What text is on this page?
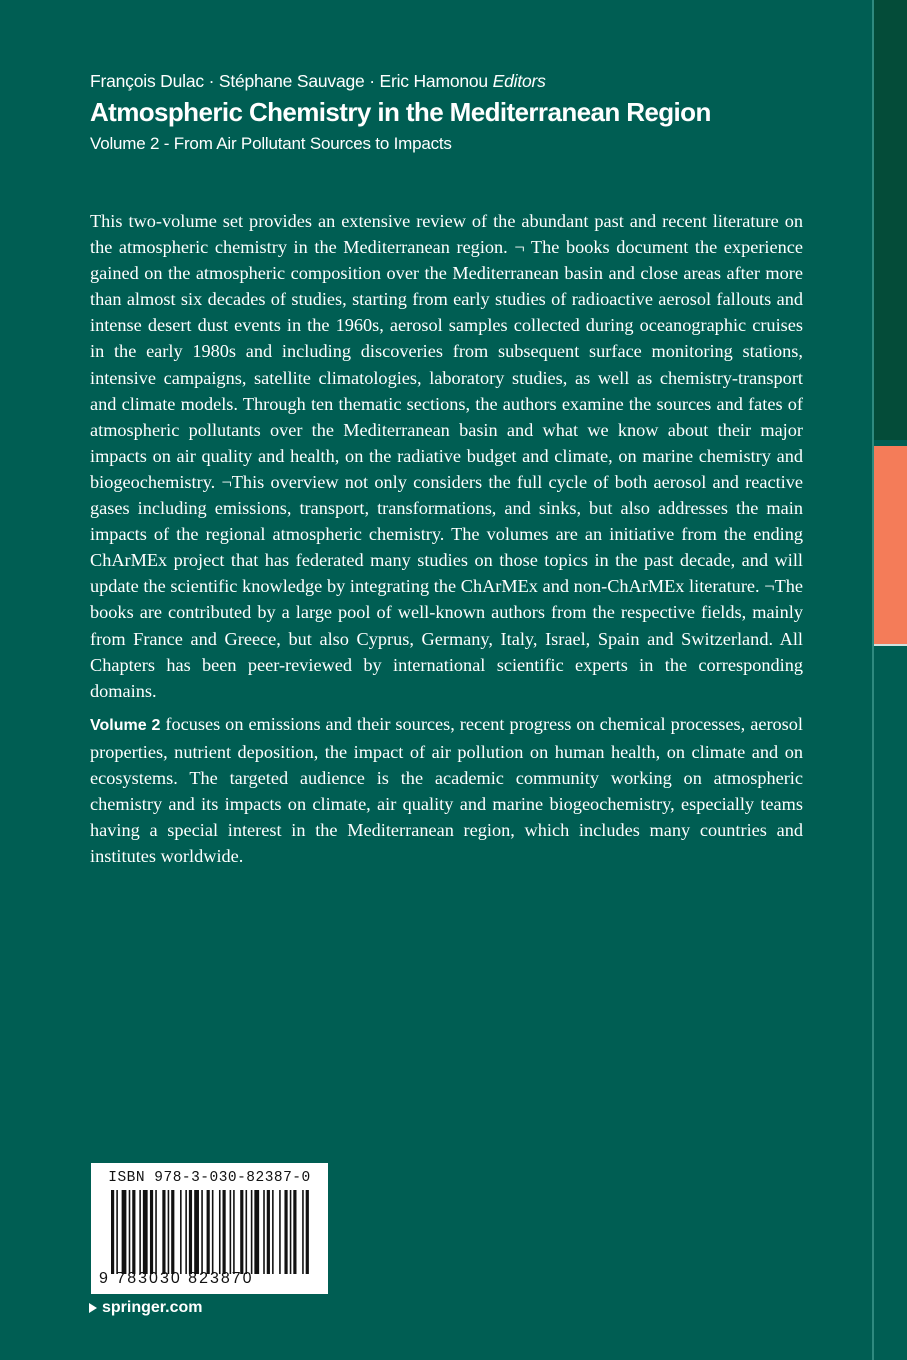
François Dulac · Stéphane Sauvage · Eric Hamonou Editors
Atmospheric Chemistry in the Mediterranean Region
Volume 2 - From Air Pollutant Sources to Impacts

This two-volume set provides an extensive review of the abundant past and recent literature on the atmospheric chemistry in the Mediterranean region. ¬ The books document the experience gained on the atmospheric composition over the Mediterranean basin and close areas after more than almost six decades of studies, starting from early studies of radioactive aerosol fallouts and intense desert dust events in the 1960s, aerosol samples collected during oceanographic cruises in the early 1980s and including discoveries from subsequent surface monitoring stations, intensive campaigns, satellite climatologies, laboratory studies, as well as chemistry-transport and climate models. Through ten thematic sections, the authors examine the sources and fates of atmospheric pollutants over the Mediterranean basin and what we know about their major impacts on air quality and health, on the radiative budget and climate, on marine chemistry and biogeochemistry. ¬This overview not only considers the full cycle of both aerosol and reactive gases including emissions, transport, transformations, and sinks, but also addresses the main impacts of the regional atmospheric chemistry. The volumes are an initiative from the ending ChArMEx project that has federated many studies on those topics in the past decade, and will update the scientific knowledge by integrating the ChArMEx and non-ChArMEx literature. ¬The books are contributed by a large pool of well-known authors from the respective fields, mainly from France and Greece, but also Cyprus, Germany, Italy, Israel, Spain and Switzerland. All Chapters has been peer-reviewed by international scientific experts in the corresponding domains.

Volume 2 focuses on emissions and their sources, recent progress on chemical processes, aerosol properties, nutrient deposition, the impact of air pollution on human health, on climate and on ecosystems. The targeted audience is the academic community working on atmospheric chemistry and its impacts on climate, air quality and marine biogeochemistry, especially teams having a special interest in the Mediterranean region, which includes many countries and institutes worldwide.

ISBN 978-3-030-82387-0
9 783030 823870
springer.com
